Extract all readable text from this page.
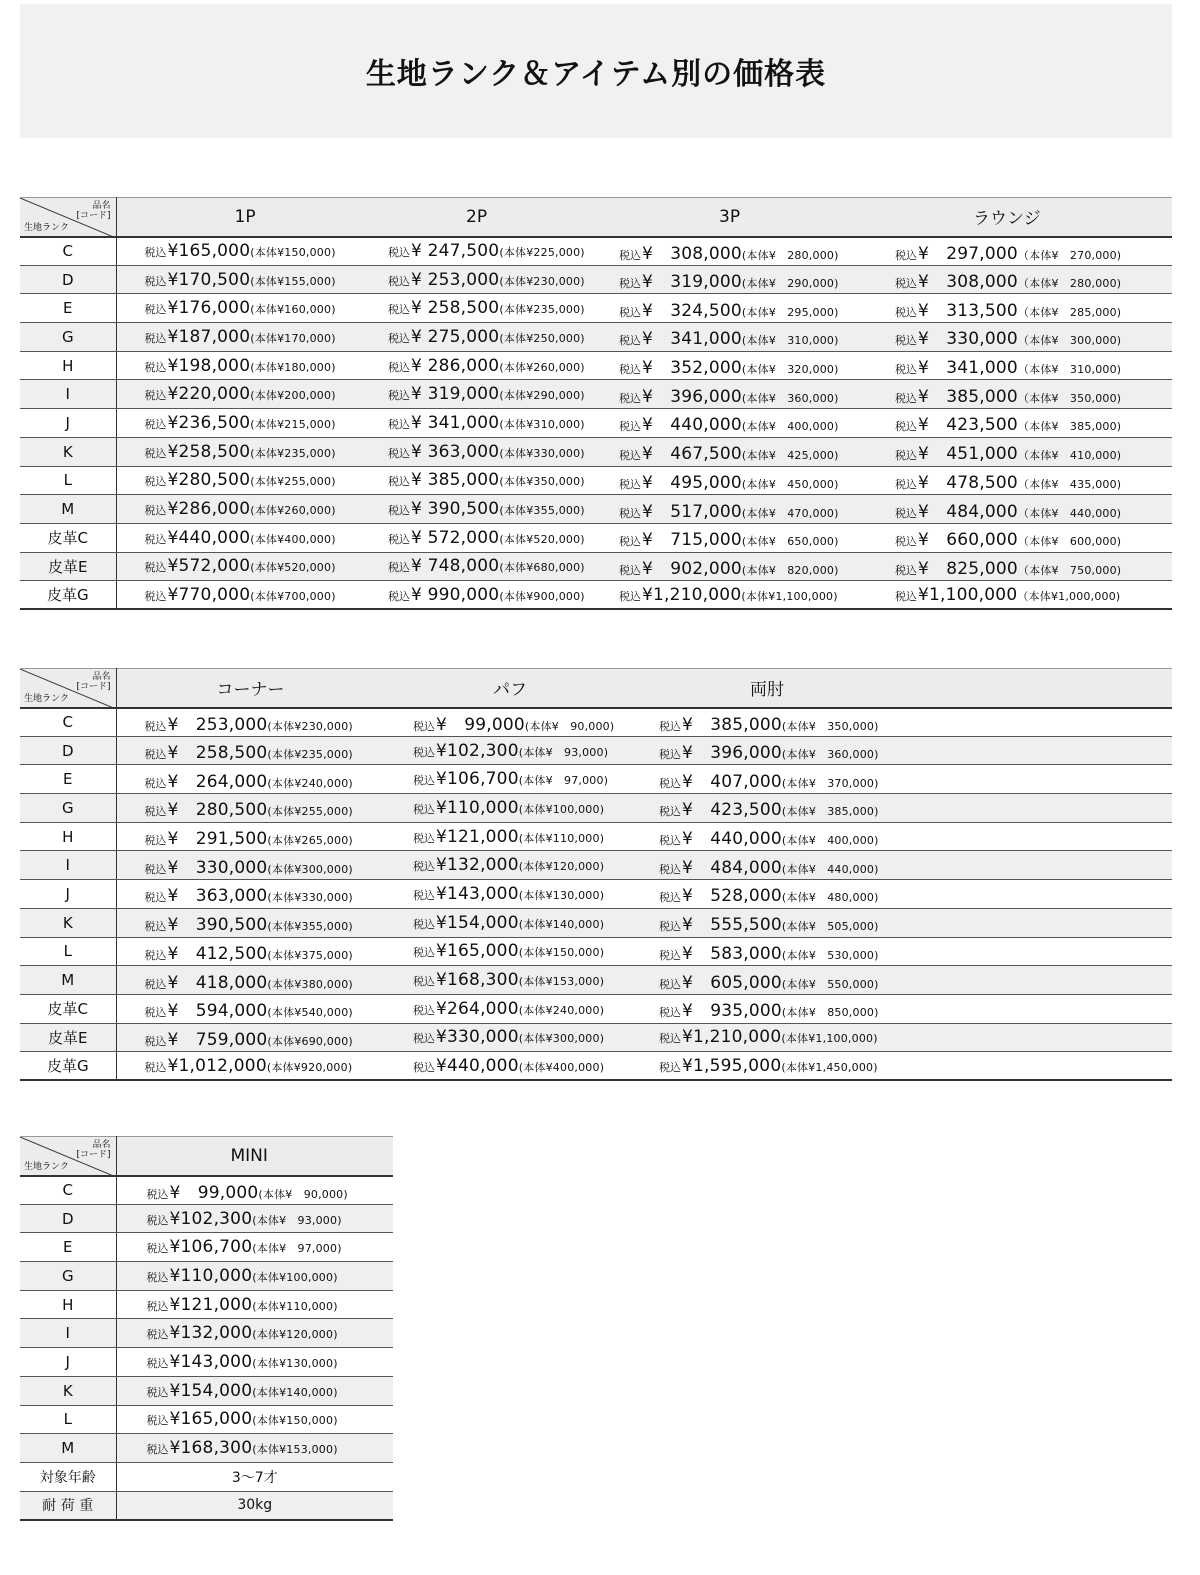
生地ランク＆アイテム別の価格表
品名
[コード]
生地ランク	1P	2P	3P	ラウンジ
C	税込¥165,000(本体¥150,000)	税込¥ 247,500(本体¥225,000)	税込¥　308,000(本体¥　280,000)	税込¥　297,000（本体¥　270,000)
D	税込¥170,500(本体¥155,000)	税込¥ 253,000(本体¥230,000)	税込¥　319,000(本体¥　290,000)	税込¥　308,000（本体¥　280,000)
E	税込¥176,000(本体¥160,000)	税込¥ 258,500(本体¥235,000)	税込¥　324,500(本体¥　295,000)	税込¥　313,500（本体¥　285,000)
G	税込¥187,000(本体¥170,000)	税込¥ 275,000(本体¥250,000)	税込¥　341,000(本体¥　310,000)	税込¥　330,000（本体¥　300,000)
H	税込¥198,000(本体¥180,000)	税込¥ 286,000(本体¥260,000)	税込¥　352,000(本体¥　320,000)	税込¥　341,000（本体¥　310,000)
I	税込¥220,000(本体¥200,000)	税込¥ 319,000(本体¥290,000)	税込¥　396,000(本体¥　360,000)	税込¥　385,000（本体¥　350,000)
J	税込¥236,500(本体¥215,000)	税込¥ 341,000(本体¥310,000)	税込¥　440,000(本体¥　400,000)	税込¥　423,500（本体¥　385,000)
K	税込¥258,500(本体¥235,000)	税込¥ 363,000(本体¥330,000)	税込¥　467,500(本体¥　425,000)	税込¥　451,000（本体¥　410,000)
L	税込¥280,500(本体¥255,000)	税込¥ 385,000(本体¥350,000)	税込¥　495,000(本体¥　450,000)	税込¥　478,500（本体¥　435,000)
M	税込¥286,000(本体¥260,000)	税込¥ 390,500(本体¥355,000)	税込¥　517,000(本体¥　470,000)	税込¥　484,000（本体¥　440,000)
皮革C	税込¥440,000(本体¥400,000)	税込¥ 572,000(本体¥520,000)	税込¥　715,000(本体¥　650,000)	税込¥　660,000（本体¥　600,000)
皮革E	税込¥572,000(本体¥520,000)	税込¥ 748,000(本体¥680,000)	税込¥　902,000(本体¥　820,000)	税込¥　825,000（本体¥　750,000)
皮革G	税込¥770,000(本体¥700,000)	税込¥ 990,000(本体¥900,000)	税込¥1,210,000(本体¥1,100,000)	税込¥1,100,000（本体¥1,000,000)
品名
[コード]
生地ランク	コーナー	パフ	両肘
C	税込¥　253,000(本体¥230,000)	税込¥　99,000(本体¥　90,000)	税込¥　385,000(本体¥　350,000)
D	税込¥　258,500(本体¥235,000)	税込¥102,300(本体¥　93,000)	税込¥　396,000(本体¥　360,000)
E	税込¥　264,000(本体¥240,000)	税込¥106,700(本体¥　97,000)	税込¥　407,000(本体¥　370,000)
G	税込¥　280,500(本体¥255,000)	税込¥110,000(本体¥100,000)	税込¥　423,500(本体¥　385,000)
H	税込¥　291,500(本体¥265,000)	税込¥121,000(本体¥110,000)	税込¥　440,000(本体¥　400,000)
I	税込¥　330,000(本体¥300,000)	税込¥132,000(本体¥120,000)	税込¥　484,000(本体¥　440,000)
J	税込¥　363,000(本体¥330,000)	税込¥143,000(本体¥130,000)	税込¥　528,000(本体¥　480,000)
K	税込¥　390,500(本体¥355,000)	税込¥154,000(本体¥140,000)	税込¥　555,500(本体¥　505,000)
L	税込¥　412,500(本体¥375,000)	税込¥165,000(本体¥150,000)	税込¥　583,000(本体¥　530,000)
M	税込¥　418,000(本体¥380,000)	税込¥168,300(本体¥153,000)	税込¥　605,000(本体¥　550,000)
皮革C	税込¥　594,000(本体¥540,000)	税込¥264,000(本体¥240,000)	税込¥　935,000(本体¥　850,000)
皮革E	税込¥　759,000(本体¥690,000)	税込¥330,000(本体¥300,000)	税込¥1,210,000(本体¥1,100,000)
皮革G	税込¥1,012,000(本体¥920,000)	税込¥440,000(本体¥400,000)	税込¥1,595,000(本体¥1,450,000)
品名
[コード]
生地ランク	MINI
C	税込¥　99,000(本体¥　90,000)
D	税込¥102,300(本体¥　93,000)
E	税込¥106,700(本体¥　97,000)
G	税込¥110,000(本体¥100,000)
H	税込¥121,000(本体¥110,000)
I	税込¥132,000(本体¥120,000)
J	税込¥143,000(本体¥130,000)
K	税込¥154,000(本体¥140,000)
L	税込¥165,000(本体¥150,000)
M	税込¥168,300(本体¥153,000)
対象年齢	3〜7才
耐 荷 重	30kg
